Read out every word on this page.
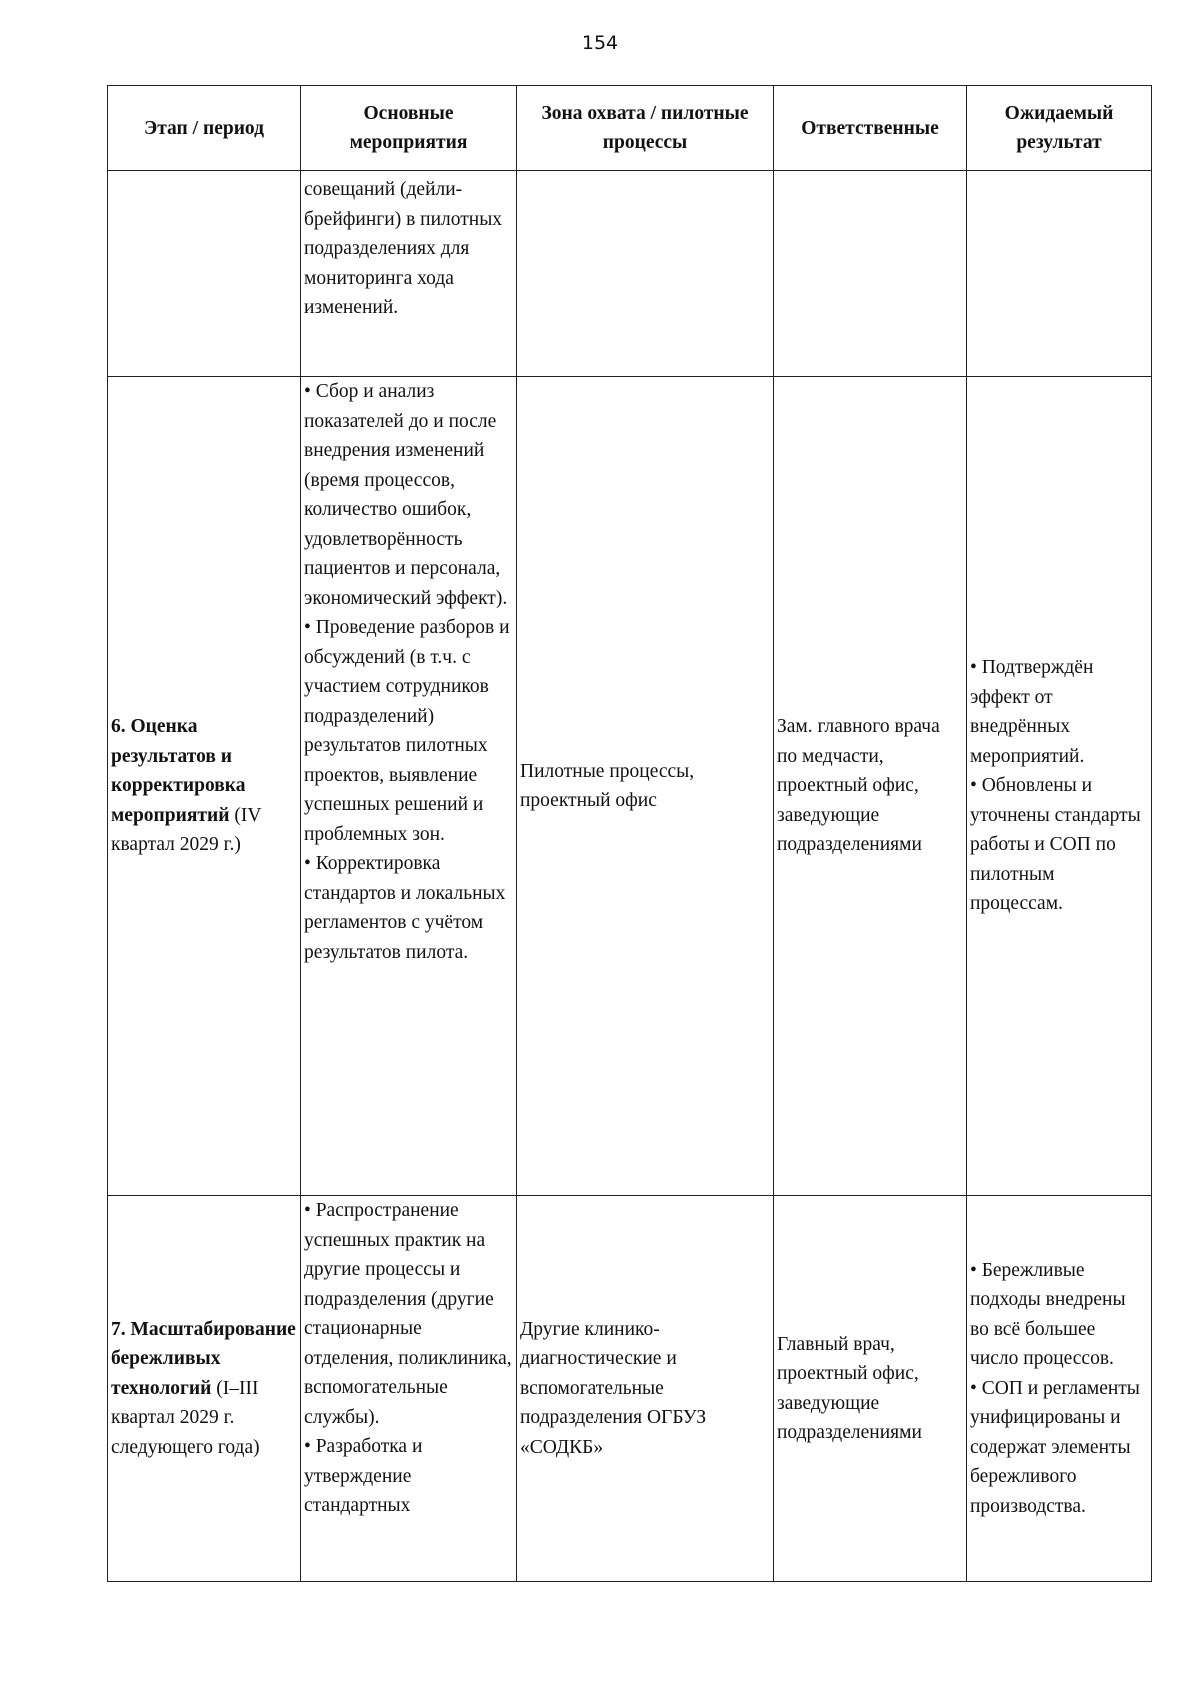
154
Этап / период	Основные мероприятия	Зона охвата / пилотные процессы	Ответственные	Ожидаемый результат

	совещаний (дейли-брейфинги) в пилотных подразделениях для мониторинга хода изменений.			

6. Оценка результатов и корректировка мероприятий (IV квартал 2029 г.)	• Сбор и анализ показателей до и после внедрения изменений (время процессов, количество ошибок, удовлетворённость пациентов и персонала, экономический эффект).
• Проведение разборов и обсуждений (в т.ч. с участием сотрудников подразделений) результатов пилотных проектов, выявление успешных решений и проблемных зон.
• Корректировка стандартов и локальных регламентов с учётом результатов пилота.	Пилотные процессы, проектный офис	Зам. главного врача по медчасти, проектный офис, заведующие подразделениями	• Подтверждён эффект от внедрённых мероприятий.
• Обновлены и уточнены стандарты работы и СОП по пилотным процессам.

7. Масштабирование бережливых технологий (I–III квартал 2029 г. следующего года)	• Распространение успешных практик на другие процессы и подразделения (другие стационарные отделения, поликлиника, вспомогательные службы).
• Разработка и утверждение стандартных	Другие клинико-диагностические и вспомогательные подразделения ОГБУЗ «СОДКБ»	Главный врач, проектный офис, заведующие подразделениями	• Бережливые подходы внедрены во всё большее число процессов.
• СОП и регламенты унифицированы и содержат элементы бережливого производства.
